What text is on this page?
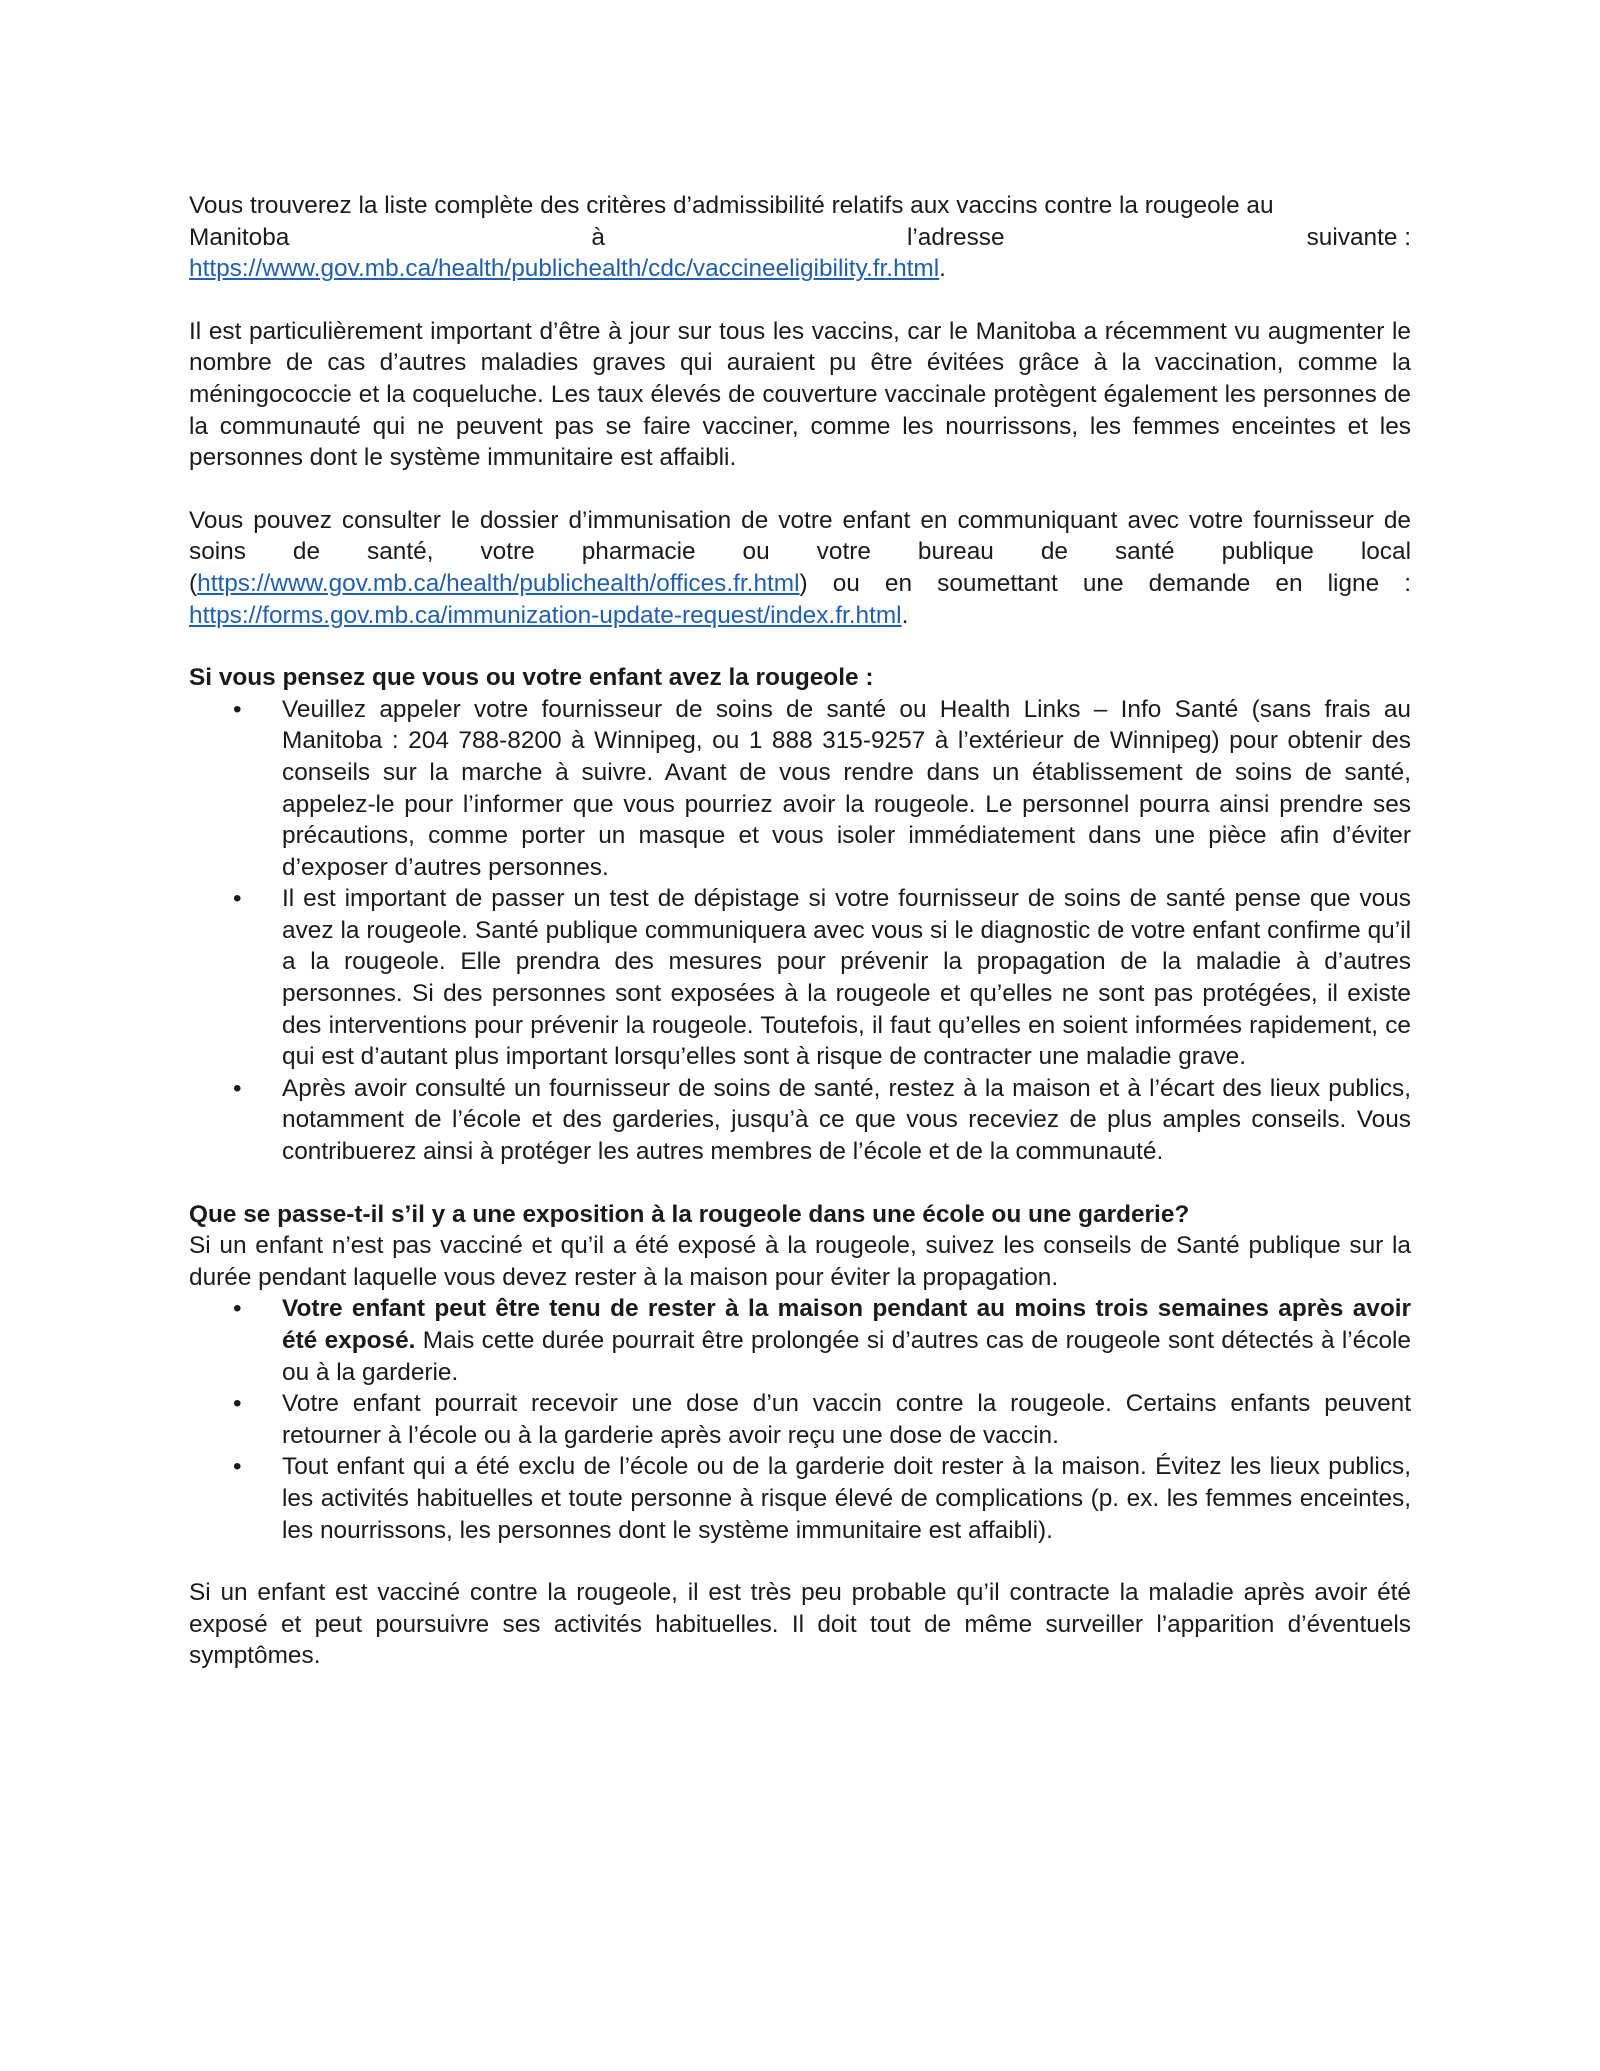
Vous trouverez la liste complète des critères d’admissibilité relatifs aux vaccins contre la rougeole au
Manitoba	à	l’adresse	suivante :
https://www.gov.mb.ca/health/publichealth/cdc/vaccineeligibility.fr.html.

Il est particulièrement important d’être à jour sur tous les vaccins, car le Manitoba a récemment vu augmenter le nombre de cas d’autres maladies graves qui auraient pu être évitées grâce à la vaccination, comme la méningococcie et la coqueluche. Les taux élevés de couverture vaccinale protègent également les personnes de la communauté qui ne peuvent pas se faire vacciner, comme les nourrissons, les femmes enceintes et les personnes dont le système immunitaire est affaibli.

Vous pouvez consulter le dossier d’immunisation de votre enfant en communiquant avec votre fournisseur de soins de santé, votre pharmacie ou votre bureau de santé publique local (https://www.gov.mb.ca/health/publichealth/offices.fr.html) ou en soumettant une demande en ligne : https://forms.gov.mb.ca/immunization-update-request/index.fr.html.

Si vous pensez que vous ou votre enfant avez la rougeole :

• Veuillez appeler votre fournisseur de soins de santé ou Health Links – Info Santé (sans frais au Manitoba : 204 788-8200 à Winnipeg, ou 1 888 315-9257 à l’extérieur de Winnipeg) pour obtenir des conseils sur la marche à suivre. Avant de vous rendre dans un établissement de soins de santé, appelez-le pour l’informer que vous pourriez avoir la rougeole. Le personnel pourra ainsi prendre ses précautions, comme porter un masque et vous isoler immédiatement dans une pièce afin d’éviter d’exposer d’autres personnes.
• Il est important de passer un test de dépistage si votre fournisseur de soins de santé pense que vous avez la rougeole. Santé publique communiquera avec vous si le diagnostic de votre enfant confirme qu’il a la rougeole. Elle prendra des mesures pour prévenir la propagation de la maladie à d’autres personnes. Si des personnes sont exposées à la rougeole et qu’elles ne sont pas protégées, il existe des interventions pour prévenir la rougeole. Toutefois, il faut qu’elles en soient informées rapidement, ce qui est d’autant plus important lorsqu’elles sont à risque de contracter une maladie grave.
• Après avoir consulté un fournisseur de soins de santé, restez à la maison et à l’écart des lieux publics, notamment de l’école et des garderies, jusqu’à ce que vous receviez de plus amples conseils. Vous contribuerez ainsi à protéger les autres membres de l’école et de la communauté.

Que se passe-t-il s’il y a une exposition à la rougeole dans une école ou une garderie?

Si un enfant n’est pas vacciné et qu’il a été exposé à la rougeole, suivez les conseils de Santé publique sur la durée pendant laquelle vous devez rester à la maison pour éviter la propagation.

• Votre enfant peut être tenu de rester à la maison pendant au moins trois semaines après avoir été exposé. Mais cette durée pourrait être prolongée si d’autres cas de rougeole sont détectés à l’école ou à la garderie.
• Votre enfant pourrait recevoir une dose d’un vaccin contre la rougeole. Certains enfants peuvent retourner à l’école ou à la garderie après avoir reçu une dose de vaccin.
• Tout enfant qui a été exclu de l’école ou de la garderie doit rester à la maison. Évitez les lieux publics, les activités habituelles et toute personne à risque élevé de complications (p. ex. les femmes enceintes, les nourrissons, les personnes dont le système immunitaire est affaibli).

Si un enfant est vacciné contre la rougeole, il est très peu probable qu’il contracte la maladie après avoir été exposé et peut poursuivre ses activités habituelles. Il doit tout de même surveiller l’apparition d’éventuels symptômes.
